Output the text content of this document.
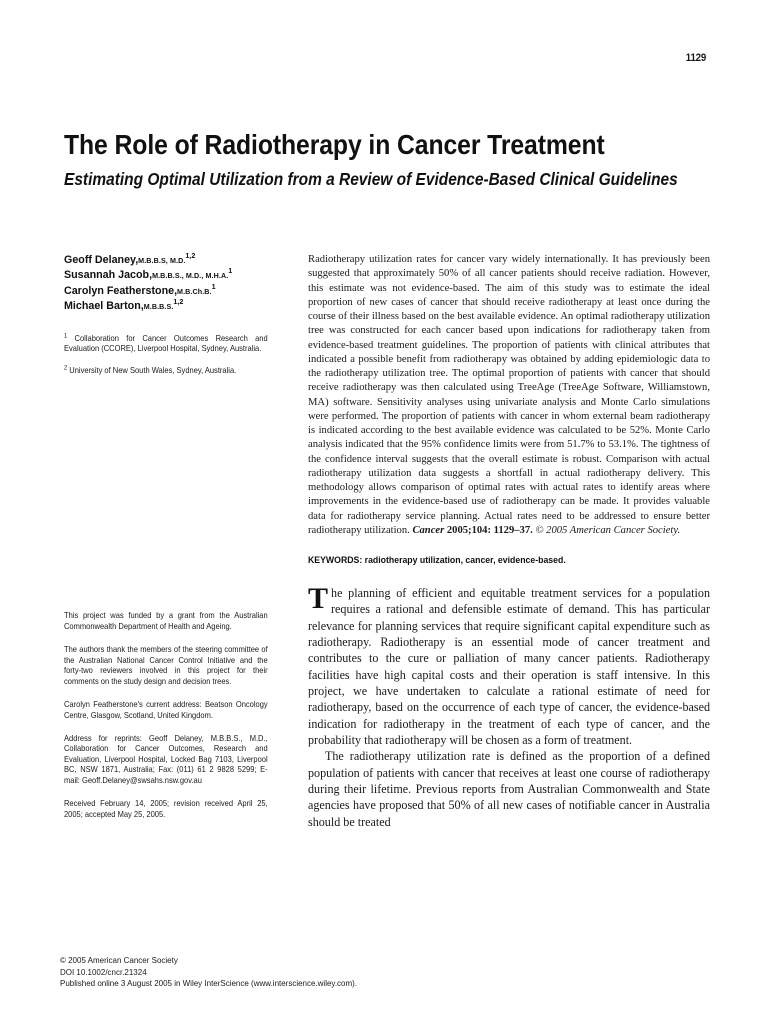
1129
The Role of Radiotherapy in Cancer Treatment
Estimating Optimal Utilization from a Review of Evidence-Based Clinical Guidelines
Geoff Delaney,M.B.B.S, M.D.$^{1,2}$
Susannah Jacob,M.B.B.S., M.D., M.H.A.$^1$
Carolyn Featherstone,M.B.Ch.B.$^1$
Michael Barton,M.B.B.S.$^{1,2}$
$^1$ Collaboration for Cancer Outcomes Research and Evaluation (CCORE), Liverpool Hospital, Sydney, Australia.
$^2$ University of New South Wales, Sydney, Australia.
This project was funded by a grant from the Australian Commonwealth Department of Health and Ageing.
The authors thank the members of the steering committee of the Australian National Cancer Control Initiative and the forty-two reviewers involved in this project for their comments on the study design and decision trees.
Carolyn Featherstone's current address: Beatson Oncology Centre, Glasgow, Scotland, United Kingdom.
Address for reprints: Geoff Delaney, M.B.B.S., M.D., Collaboration for Cancer Outcomes, Research and Evaluation, Liverpool Hospital, Locked Bag 7103, Liverpool BC, NSW 1871, Australia; Fax: (011) 61 2 9828 5299; E-mail: Geoff.Delaney@swsahs.nsw.gov.au
Received February 14, 2005; revision received April 25, 2005; accepted May 25, 2005.
Radiotherapy utilization rates for cancer vary widely internationally. It has previously been suggested that approximately 50% of all cancer patients should receive radiation. However, this estimate was not evidence-based. The aim of this study was to estimate the ideal proportion of new cases of cancer that should receive radiotherapy at least once during the course of their illness based on the best available evidence. An optimal radiotherapy utilization tree was constructed for each cancer based upon indications for radiotherapy taken from evidence-based treatment guidelines. The proportion of patients with clinical attributes that indicated a possible benefit from radiotherapy was obtained by adding epidemiologic data to the radiotherapy utilization tree. The optimal proportion of patients with cancer that should receive radiotherapy was then calculated using TreeAge (TreeAge Software, Williamstown, MA) software. Sensitivity analyses using univariate analysis and Monte Carlo simulations were performed. The proportion of patients with cancer in whom external beam radiotherapy is indicated according to the best available evidence was calculated to be 52%. Monte Carlo analysis indicated that the 95% confidence limits were from 51.7% to 53.1%. The tightness of the confidence interval suggests that the overall estimate is robust. Comparison with actual radiotherapy utilization data suggests a shortfall in actual radiotherapy delivery. This methodology allows comparison of optimal rates with actual rates to identify areas where improvements in the evidence-based use of radiotherapy can be made. It provides valuable data for radiotherapy service planning. Actual rates need to be addressed to ensure better radiotherapy utilization. Cancer 2005;104: 1129–37. © 2005 American Cancer Society.
KEYWORDS: radiotherapy utilization, cancer, evidence-based.

The planning of efficient and equitable treatment services for a population requires a rational and defensible estimate of demand. This has particular relevance for planning services that require significant capital expenditure such as radiotherapy. Radiotherapy is an essential mode of cancer treatment and contributes to the cure or palliation of many cancer patients. Radiotherapy facilities have high capital costs and their operation is staff intensive. In this project, we have undertaken to calculate a rational estimate of need for radiotherapy, based on the occurrence of each type of cancer, the evidence-based indication for radiotherapy in the treatment of each type of cancer, and the probability that radiotherapy will be chosen as a form of treatment.

The radiotherapy utilization rate is defined as the proportion of a defined population of patients with cancer that receives at least one course of radiotherapy during their lifetime. Previous reports from Australian Commonwealth and State agencies have proposed that 50% of all new cases of notifiable cancer in Australia should be treated

© 2005 American Cancer Society
DOI 10.1002/cncr.21324
Published online 3 August 2005 in Wiley InterScience (www.interscience.wiley.com).
